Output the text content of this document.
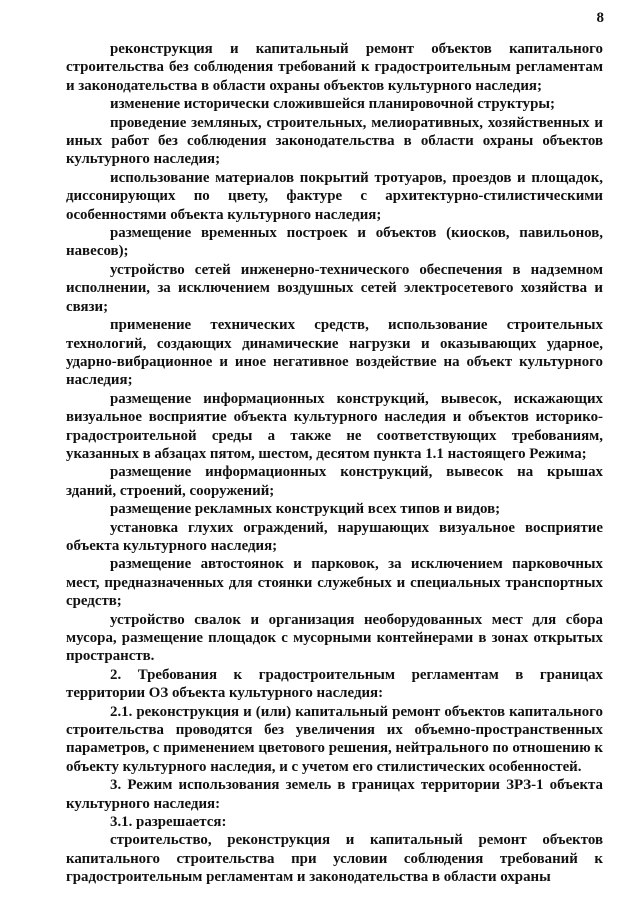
8

реконструкция и капитальный ремонт объектов капитального строительства без соблюдения требований к градостроительным регламентам и законодательства в области охраны объектов культурного наследия;

изменение исторически сложившейся планировочной структуры;

проведение земляных, строительных, мелиоративных, хозяйственных и иных работ без соблюдения законодательства в области охраны объектов культурного наследия;

использование материалов покрытий тротуаров, проездов и площадок, диссонирующих по цвету, фактуре с архитектурно-стилистическими особенностями объекта культурного наследия;

размещение временных построек и объектов (киосков, павильонов, навесов);

устройство сетей инженерно-технического обеспечения в надземном исполнении, за исключением воздушных сетей электросетевого хозяйства и связи;

применение технических средств, использование строительных технологий, создающих динамические нагрузки и оказывающих ударное, ударно-вибрационное и иное негативное воздействие на объект культурного наследия;

размещение информационных конструкций, вывесок, искажающих визуальное восприятие объекта культурного наследия и объектов историко-градостроительной среды а также не соответствующих требованиям, указанных в абзацах пятом, шестом, десятом пункта 1.1 настоящего Режима;

размещение информационных конструкций, вывесок на крышах зданий, строений, сооружений;

размещение рекламных конструкций всех типов и видов;

установка глухих ограждений, нарушающих визуальное восприятие объекта культурного наследия;

размещение автостоянок и парковок, за исключением парковочных мест, предназначенных для стоянки служебных и специальных транспортных средств;

устройство свалок и организация необорудованных мест для сбора мусора, размещение площадок с мусорными контейнерами в зонах открытых пространств.

2. Требования к градостроительным регламентам в границах территории ОЗ объекта культурного наследия:

2.1. реконструкция и (или) капитальный ремонт объектов капитального строительства проводятся без увеличения их объемно-пространственных параметров, с применением цветового решения, нейтрального по отношению к объекту культурного наследия, и с учетом его стилистических особенностей.

3. Режим использования земель в границах территории ЗРЗ-1 объекта культурного наследия:

3.1. разрешается:

строительство, реконструкция и капитальный ремонт объектов капитального строительства при условии соблюдения требований к градостроительным регламентам и законодательства в области охраны
